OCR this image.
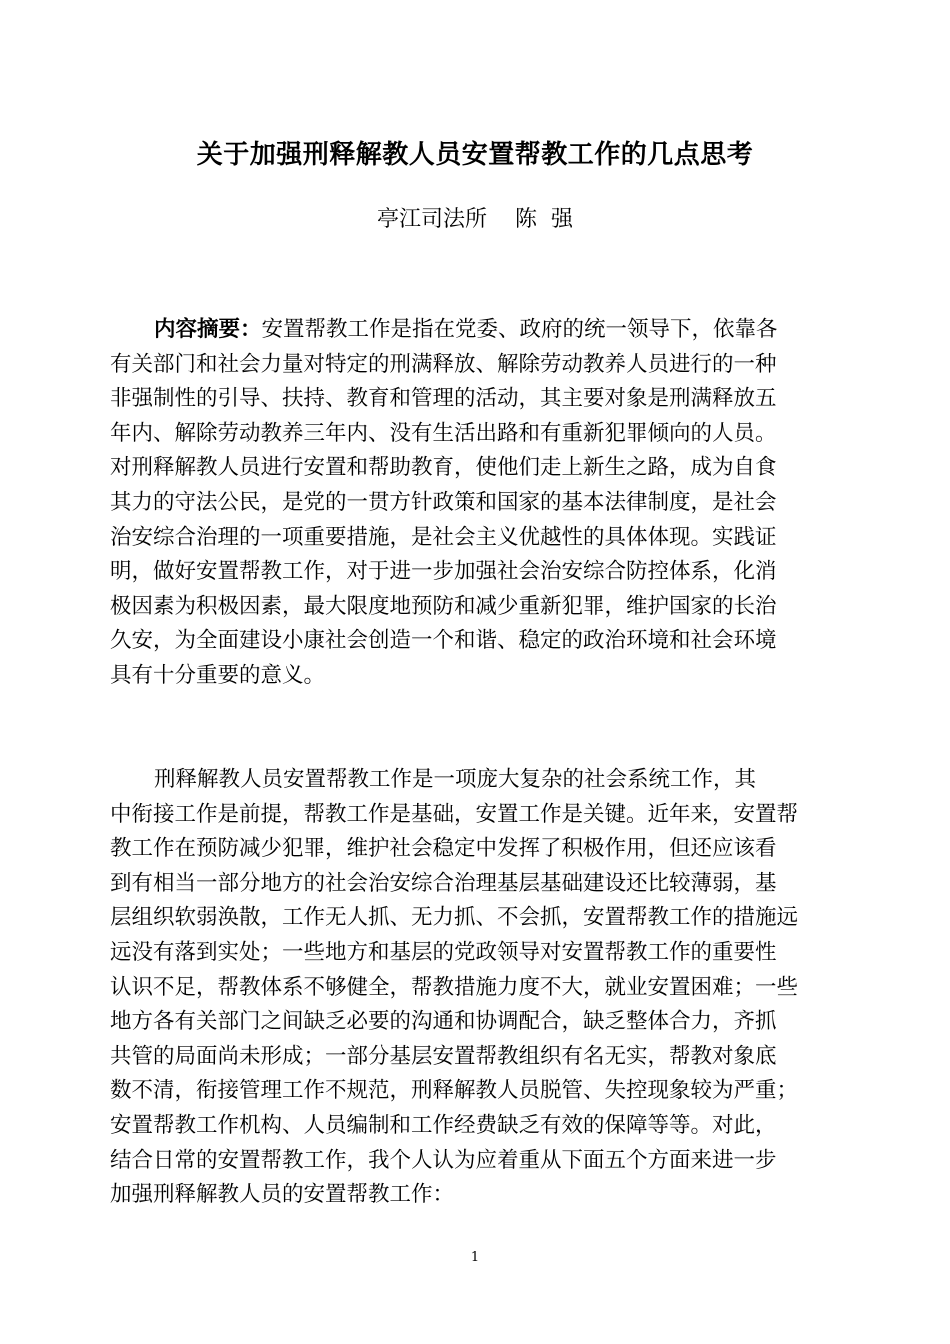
关于加强刑释解教人员安置帮教工作的几点思考
亭江司法所    陈  强
内容摘要：安置帮教工作是指在党委、政府的统一领导下，依靠各
有关部门和社会力量对特定的刑满释放、解除劳动教养人员进行的一种
非强制性的引导、扶持、教育和管理的活动，其主要对象是刑满释放五
年内、解除劳动教养三年内、没有生活出路和有重新犯罪倾向的人员。
对刑释解教人员进行安置和帮助教育，使他们走上新生之路，成为自食
其力的守法公民，是党的一贯方针政策和国家的基本法律制度，是社会
治安综合治理的一项重要措施，是社会主义优越性的具体体现。实践证
明，做好安置帮教工作，对于进一步加强社会治安综合防控体系，化消
极因素为积极因素，最大限度地预防和减少重新犯罪，维护国家的长治
久安，为全面建设小康社会创造一个和谐、稳定的政治环境和社会环境
具有十分重要的意义。
刑释解教人员安置帮教工作是一项庞大复杂的社会系统工作，其
中衔接工作是前提，帮教工作是基础，安置工作是关键。近年来，安置帮
教工作在预防减少犯罪，维护社会稳定中发挥了积极作用，但还应该看
到有相当一部分地方的社会治安综合治理基层基础建设还比较薄弱，基
层组织软弱涣散，工作无人抓、无力抓、不会抓，安置帮教工作的措施远
远没有落到实处；一些地方和基层的党政领导对安置帮教工作的重要性
认识不足，帮教体系不够健全，帮教措施力度不大，就业安置困难；一些
地方各有关部门之间缺乏必要的沟通和协调配合，缺乏整体合力，齐抓
共管的局面尚未形成；一部分基层安置帮教组织有名无实，帮教对象底
数不清，衔接管理工作不规范，刑释解教人员脱管、失控现象较为严重；
安置帮教工作机构、人员编制和工作经费缺乏有效的保障等等。对此，
结合日常的安置帮教工作，我个人认为应着重从下面五个方面来进一步
加强刑释解教人员的安置帮教工作：
1
